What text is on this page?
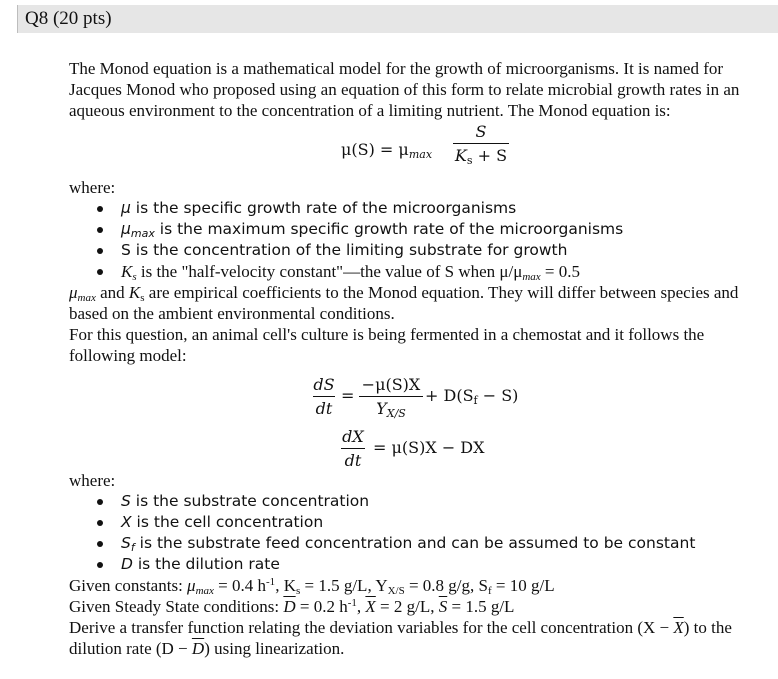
Q8 (20 pts)

The Monod equation is a mathematical model for the growth of microorganisms. It is named for Jacques Monod who proposed using an equation of this form to relate microbial growth rates in an aqueous environment to the concentration of a limiting nutrient. The Monod equation is:

$\mu(S) = \mu_{max}$
S
$K_s + S$

where:

μ is the specific growth rate of the microorganisms
$\mu_{max}$ is the maximum specific growth rate of the microorganisms
S is the concentration of the limiting substrate for growth
$K_s$ is the "half-velocity constant"—the value of S when $\mu/\mu_{max} = 0.5$

$\mu_{max}$ and $K_s$ are empirical coefficients to the Monod equation. They will differ between species and based on the ambient environmental conditions.

For this question, an animal cell's culture is being fermented in a chemostat and it follows the following model:

dS
dt
=
−μ(S)X
$Y_{X/S}$
+ $D(S_f - S)$
dX
dt
= μ(S)X − DX

where:

S is the substrate concentration
X is the cell concentration
$S_f$ is the substrate feed concentration and can be assumed to be constant
D is the dilution rate

Given constants: $\mu_{max} = 0.4$ $h^{-1}$, $K_s = 1.5$ g/L, $Y_{X/S} = 0.8$ g/g, $S_f = 10$ g/L

Given Steady State conditions: $\overline{D} = 0.2$ $h^{-1}$, $\overline{X} = 2$ g/L, $\overline{S} = 1.5$ g/L

Derive a transfer function relating the deviation variables for the cell concentration $(X - \overline{X})$ to the dilution rate $(D - \overline{D})$ using linearization.
